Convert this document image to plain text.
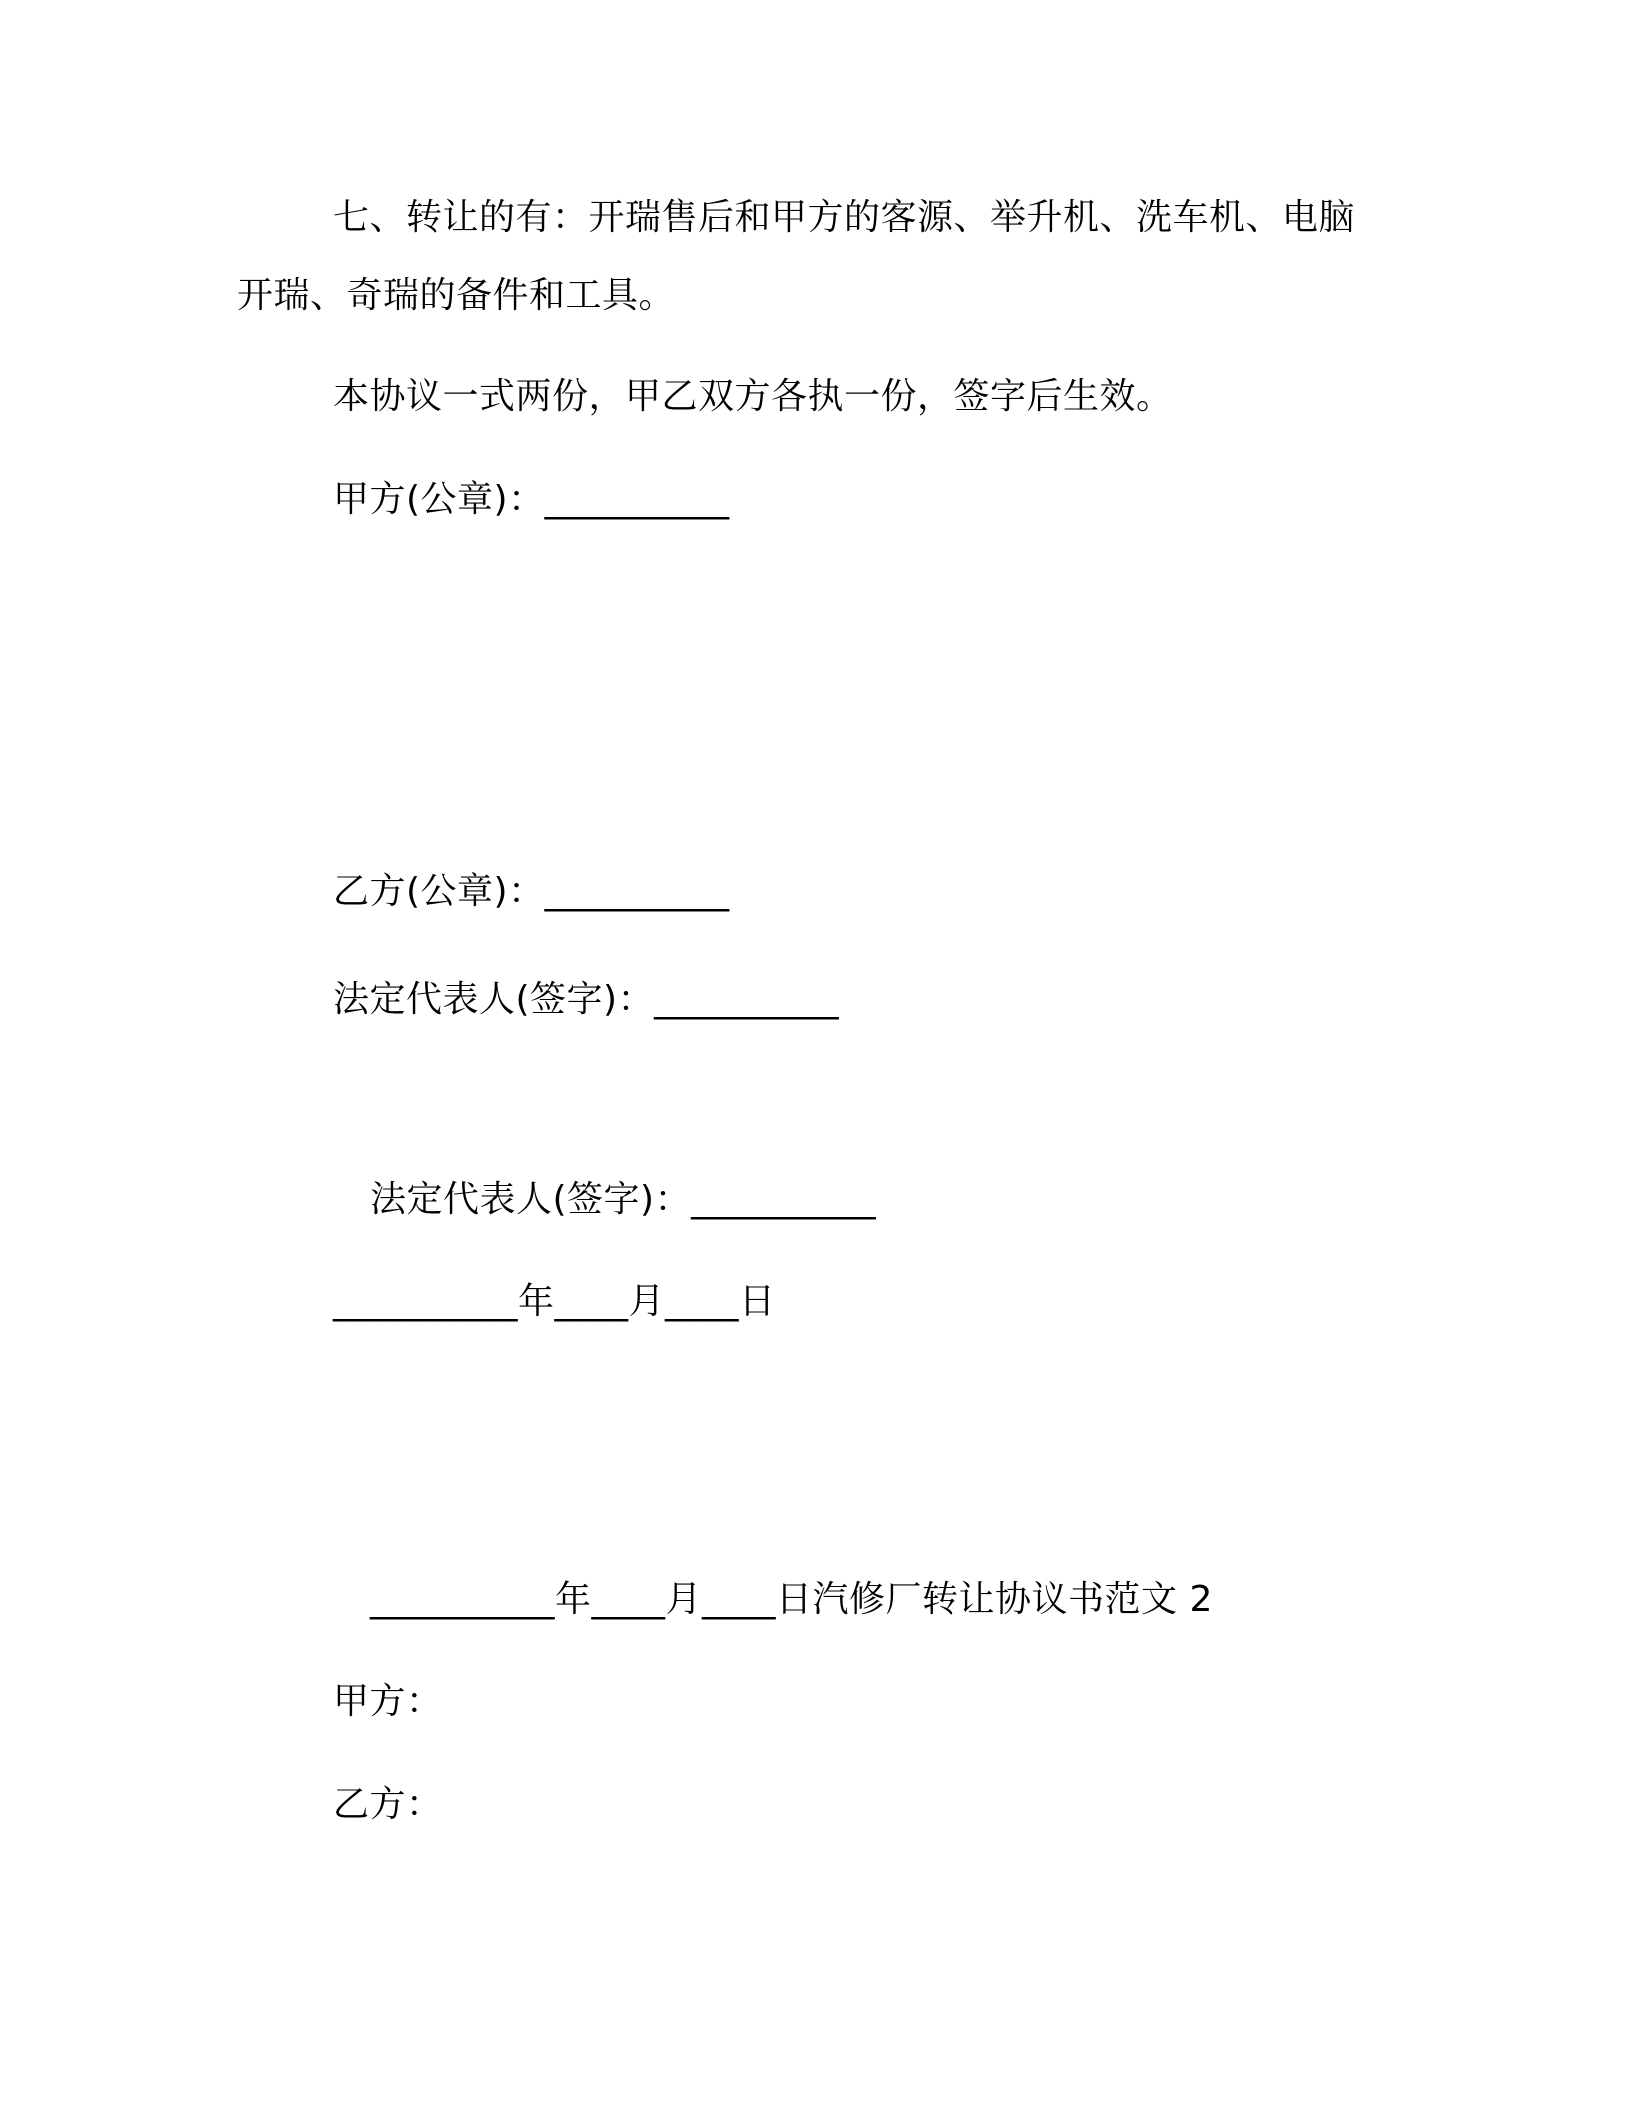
七、转让的有：开瑞售后和甲方的客源、举升机、洗车机、电脑
开瑞、奇瑞的备件和工具。
本协议一式两份，甲乙双方各执一份，签字后生效。
甲方(公章)：__________
乙方(公章)：__________
法定代表人(签字)：__________
法定代表人(签字)：__________
__________年____月____日
__________年____月____日汽修厂转让协议书范文 2
甲方：
乙方：
